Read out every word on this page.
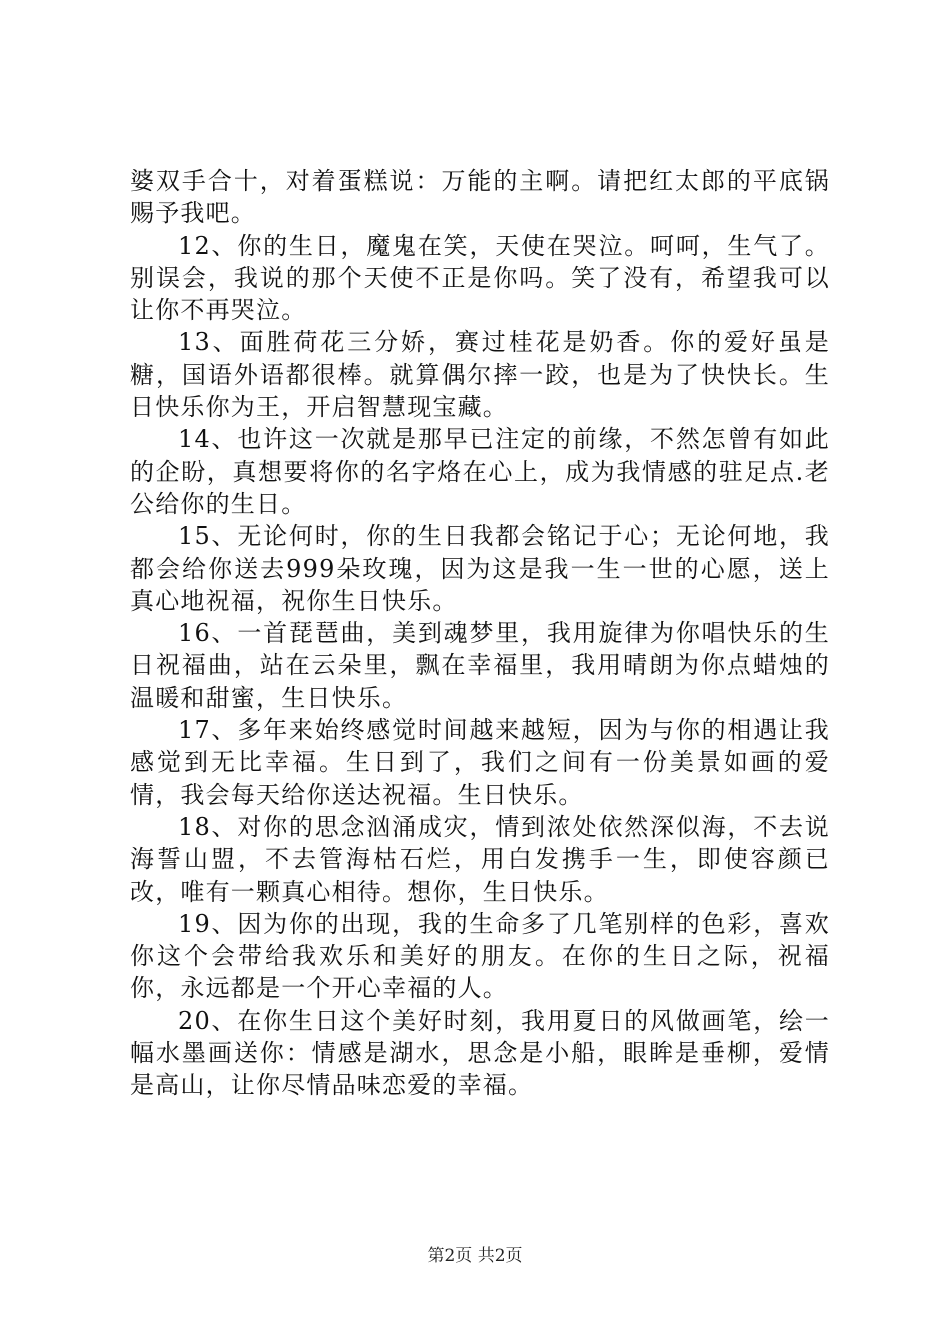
婆双手合十，对着蛋糕说：万能的主啊。请把红太郎的平底锅赐予我吧。

12、你的生日，魔鬼在笑，天使在哭泣。呵呵，生气了。别误会，我说的那个天使不正是你吗。笑了没有，希望我可以让你不再哭泣。

13、面胜荷花三分娇，赛过桂花是奶香。你的爱好虽是糖，国语外语都很棒。就算偶尔摔一跤，也是为了快快长。生日快乐你为王，开启智慧现宝藏。

14、也许这一次就是那早已注定的前缘，不然怎曾有如此的企盼，真想要将你的名字烙在心上，成为我情感的驻足点.老公给你的生日。

15、无论何时，你的生日我都会铭记于心；无论何地，我都会给你送去999朵玫瑰，因为这是我一生一世的心愿，送上真心地祝福，祝你生日快乐。

16、一首琵琶曲，美到魂梦里，我用旋律为你唱快乐的生日祝福曲，站在云朵里，飘在幸福里，我用晴朗为你点蜡烛的温暖和甜蜜，生日快乐。

17、多年来始终感觉时间越来越短，因为与你的相遇让我感觉到无比幸福。生日到了，我们之间有一份美景如画的爱情，我会每天给你送达祝福。生日快乐。

18、对你的思念汹涌成灾，情到浓处依然深似海，不去说海誓山盟，不去管海枯石烂，用白发携手一生，即使容颜已改，唯有一颗真心相待。想你，生日快乐。

19、因为你的出现，我的生命多了几笔别样的色彩，喜欢你这个会带给我欢乐和美好的朋友。在你的生日之际，祝福你，永远都是一个开心幸福的人。

20、在你生日这个美好时刻，我用夏日的风做画笔，绘一幅水墨画送你：情感是湖水，思念是小船，眼眸是垂柳，爱情是高山，让你尽情品味恋爱的幸福。

第2页 共2页
